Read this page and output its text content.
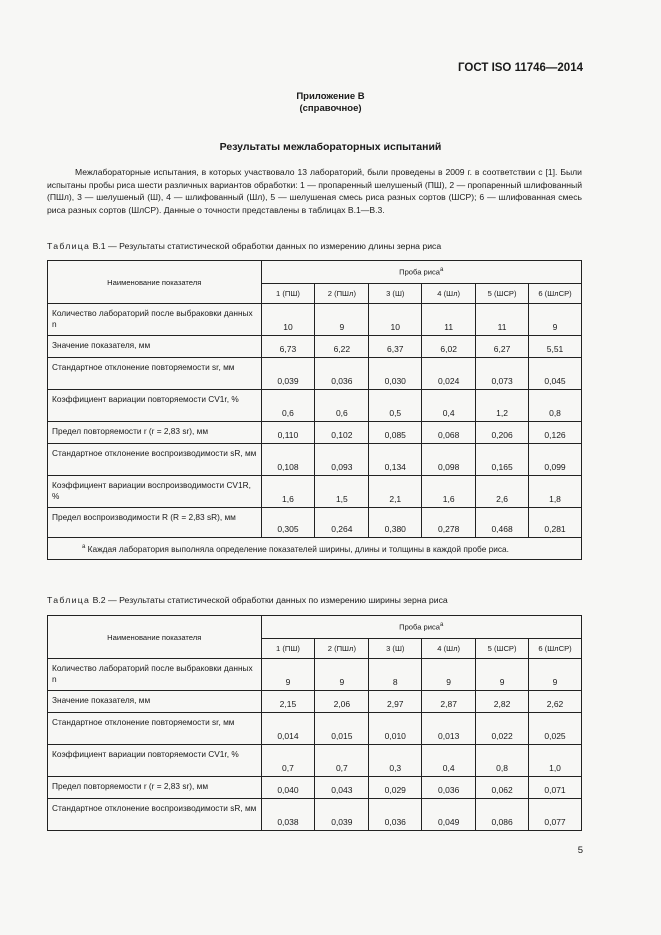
ГОСТ ISO 11746—2014
Приложение В
(справочное)
Результаты межлабораторных испытаний
Межлабораторные испытания, в которых участвовало 13 лабораторий, были проведены в 2009 г. в соответствии с [1]. Были испытаны пробы риса шести различных вариантов обработки: 1 — пропаренный шелушеный (ПШ), 2 — пропаренный шлифованный (ПШл), 3 — шелушеный (Ш), 4 — шлифованный (Шл), 5 — шелушеная смесь риса разных сортов (ШСР); 6 — шлифованная смесь риса разных сортов (ШлСР). Данные о точности представлены в таблицах В.1—В.3.
Таблица В.1 — Результаты статистической обработки данных по измерению длины зерна риса
Наименование показателя	Проба риса$^а$
	1 (ПШ)	2 (ПШл)	3 (Ш)	4 (Шл)	5 (ШСР)	6 (ШлСР)
Количество лабораторий после выбраковки данных n	10	9	10	11	11	9
Значение показателя, мм	6,73	6,22	6,37	6,02	6,27	5,51
Стандартное отклонение повторяемости sr, мм	0,039	0,036	0,030	0,024	0,073	0,045
Коэффициент вариации повторяемости CV1r, %	0,6	0,6	0,5	0,4	1,2	0,8
Предел повторяемости r (r = 2,83 sr), мм	0,110	0,102	0,085	0,068	0,206	0,126
Стандартное отклонение воспроизводимости sR, мм	0,108	0,093	0,134	0,098	0,165	0,099
Коэффициент вариации воспроизводимости CV1R, %	1,6	1,5	2,1	1,6	2,6	1,8
Предел воспроизводимости R (R = 2,83 sR), мм	0,305	0,264	0,380	0,278	0,468	0,281
$^а$ Каждая лаборатория выполняла определение показателей ширины, длины и толщины в каждой пробе риса.						
Таблица В.2 — Результаты статистической обработки данных по измерению ширины зерна риса
Наименование показателя	Проба риса$^а$
	1 (ПШ)	2 (ПШл)	3 (Ш)	4 (Шл)	5 (ШСР)	6 (ШлСР)
Количество лабораторий после выбраковки данных n	9	9	8	9	9	9
Значение показателя, мм	2,15	2,06	2,97	2,87	2,82	2,62
Стандартное отклонение повторяемости sr, мм	0,014	0,015	0,010	0,013	0,022	0,025
Коэффициент вариации повторяемости CV1r, %	0,7	0,7	0,3	0,4	0,8	1,0
Предел повторяемости r (r = 2,83 sr), мм	0,040	0,043	0,029	0,036	0,062	0,071
Стандартное отклонение воспроизводимости sR, мм	0,038	0,039	0,036	0,049	0,086	0,077
5
